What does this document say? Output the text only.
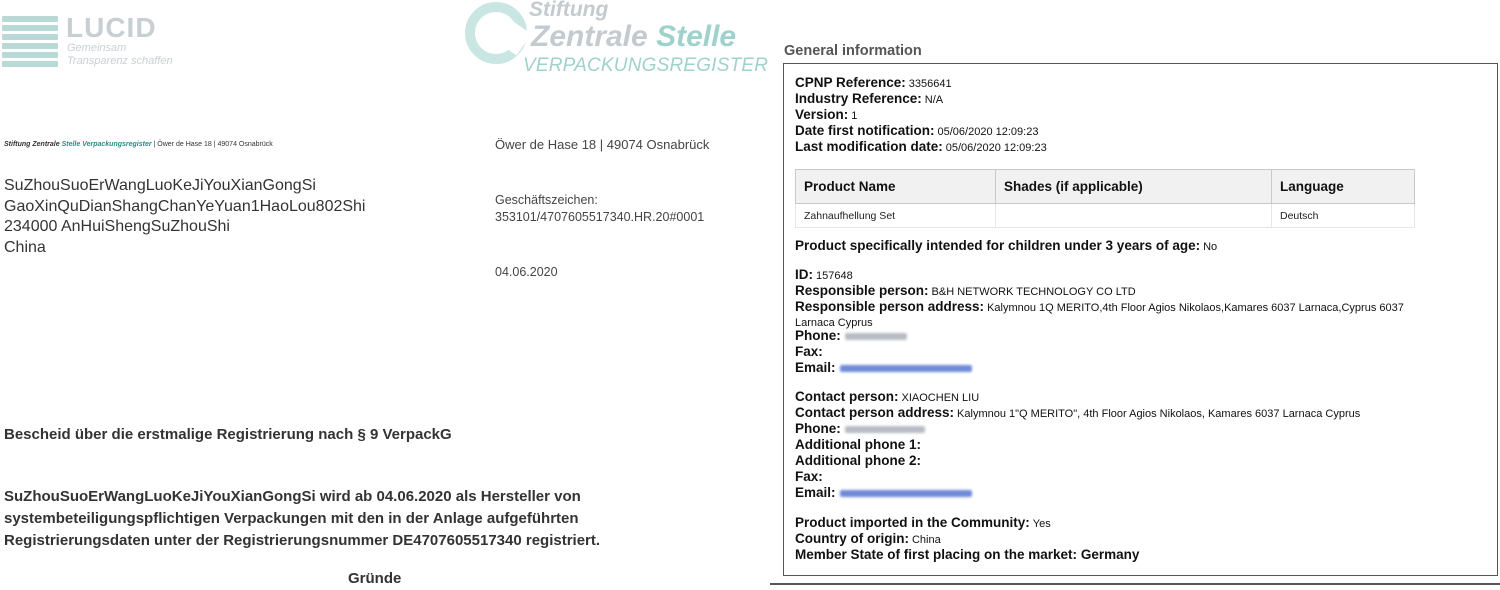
LUCID
Gemeinsam
Transparenz schaffen
Stiftung
Zentrale Stelle
VERPACKUNGSREGISTER
Stiftung Zentrale Stelle Verpackungsregister | Öwer de Hase 18 | 49074 Osnabrück	Öwer de Hase 18 | 49074 Osnabrück
SuZhouSuoErWangLuoKeJiYouXianGongSi
GaoXinQuDianShangChanYeYuan1HaoLou802Shi
234000 AnHuiShengSuZhouShi
China
Geschäftszeichen:
353101/4707605517340.HR.20#0001
04.06.2020
Bescheid über die erstmalige Registrierung nach § 9 VerpackG
SuZhouSuoErWangLuoKeJiYouXianGongSi wird ab 04.06.2020 als Hersteller von
systembeteiligungspflichtigen Verpackungen mit den in der Anlage aufgeführten
Registrierungsdaten unter der Registrierungsnummer DE4707605517340 registriert.
Gründe
General information
CPNP Reference: 3356641
Industry Reference: N/A
Version: 1
Date first notification: 05/06/2020 12:09:23
Last modification date: 05/06/2020 12:09:23
Product Name	Shades (if applicable)	Language
Zahnaufhellung Set		Deutsch
Product specifically intended for children under 3 years of age: No
ID: 157648
Responsible person: B&H NETWORK TECHNOLOGY CO LTD
Responsible person address: Kalymnou 1Q MERITO,4th Floor Agios Nikolaos,Kamares 6037 Larnaca,Cyprus 6037
Larnaca Cyprus
Phone:
Fax:
Email:
Contact person: XIAOCHEN LIU
Contact person address: Kalymnou 1"Q MERITO", 4th Floor Agios Nikolaos, Kamares 6037 Larnaca Cyprus
Phone:
Additional phone 1:
Additional phone 2:
Fax:
Email:
Product imported in the Community: Yes
Country of origin: China
Member State of first placing on the market: Germany
